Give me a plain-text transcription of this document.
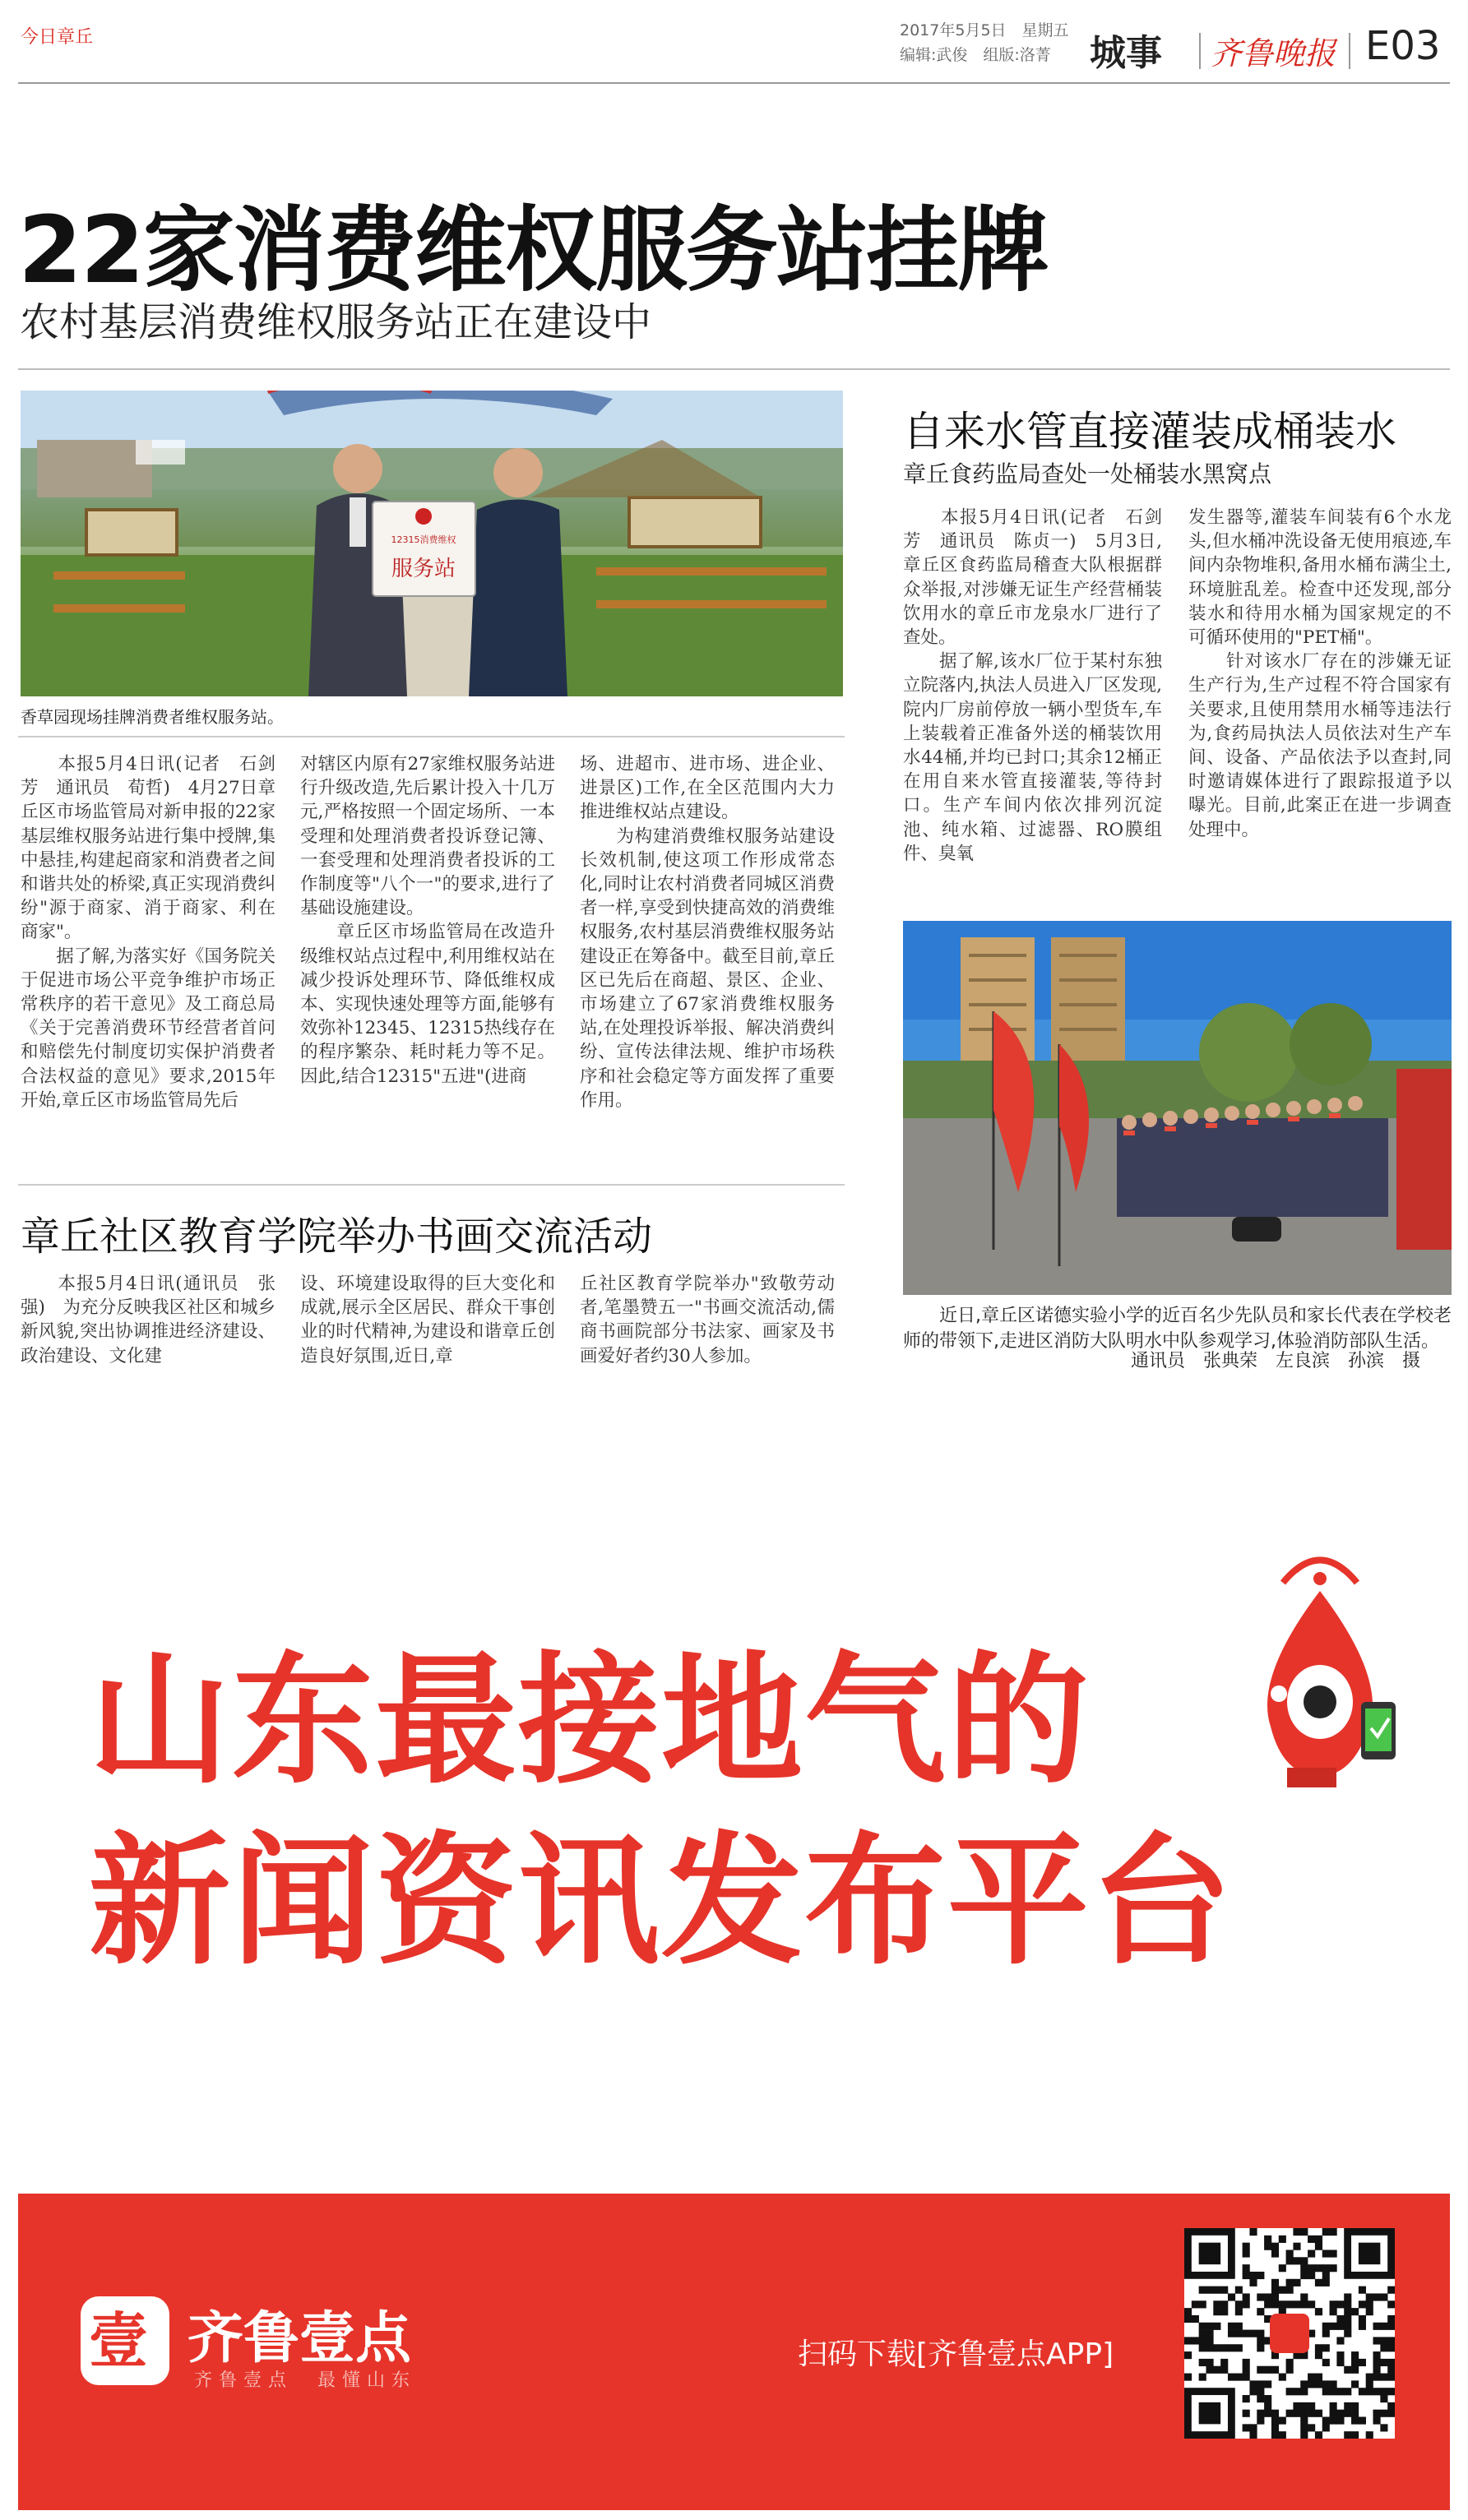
今日章丘	2017年5月5日　星期五
编辑:武俊　组版:洛菁 城事 齐鲁晚报 E03
22家消费维权服务站挂牌
农村基层消费维权服务站正在建设中
12315消费维权
服务站
香草园现场挂牌消费者维权服务站。
　　本报5月4日讯(记者　石剑芳　通讯员　荀哲)　4月27日章丘区市场监管局对新申报的22家基层维权服务站进行集中授牌,集中悬挂,构建起商家和消费者之间和谐共处的桥梁,真正实现消费纠纷"源于商家、消于商家、利在商家"。
　　据了解,为落实好《国务院关于促进市场公平竞争维护市场正常秩序的若干意见》及工商总局《关于完善消费环节经营者首问和赔偿先付制度切实保护消费者合法权益的意见》要求,2015年开始,章丘区市场监管局先后
对辖区内原有27家维权服务站进行升级改造,先后累计投入十几万元,严格按照一个固定场所、一本受理和处理消费者投诉登记簿、一套受理和处理消费者投诉的工作制度等"八个一"的要求,进行了基础设施建设。
　　章丘区市场监管局在改造升级维权站点过程中,利用维权站在减少投诉处理环节、降低维权成本、实现快速处理等方面,能够有效弥补12345、12315热线存在的程序繁杂、耗时耗力等不足。因此,结合12315"五进"(进商
场、进超市、进市场、进企业、进景区)工作,在全区范围内大力推进维权站点建设。
　　为构建消费维权服务站建设长效机制,使这项工作形成常态化,同时让农村消费者同城区消费者一样,享受到快捷高效的消费维权服务,农村基层消费维权服务站建设正在筹备中。截至目前,章丘区已先后在商超、景区、企业、市场建立了67家消费维权服务站,在处理投诉举报、解决消费纠纷、宣传法律法规、维护市场秩序和社会稳定等方面发挥了重要作用。
自来水管直接灌装成桶装水
章丘食药监局查处一处桶装水黑窝点
　　本报5月4日讯(记者　石剑芳　通讯员　陈贞一)　5月3日,章丘区食药监局稽查大队根据群众举报,对涉嫌无证生产经营桶装饮用水的章丘市龙泉水厂进行了查处。
　　据了解,该水厂位于某村东独立院落内,执法人员进入厂区发现,院内厂房前停放一辆小型货车,车上装载着正准备外送的桶装饮用水44桶,并均已封口;其余12桶正在用自来水管直接灌装,等待封口。生产车间内依次排列沉淀池、纯水箱、过滤器、RO膜组件、臭氧
发生器等,灌装车间装有6个水龙头,但水桶冲洗设备无使用痕迹,车间内杂物堆积,备用水桶布满尘土,环境脏乱差。检查中还发现,部分装水和待用水桶为国家规定的不可循环使用的"PET桶"。
　　针对该水厂存在的涉嫌无证生产行为,生产过程不符合国家有关要求,且使用禁用水桶等违法行为,食药局执法人员依法对生产车间、设备、产品依法予以查封,同时邀请媒体进行了跟踪报道予以曝光。目前,此案正在进一步调查处理中。
　　近日,章丘区诺德实验小学的近百名少先队员和家长代表在学校老师的带领下,走进区消防大队明水中队参观学习,体验消防部队生活。
通讯员　张典荣　左良滨　孙滨　摄
章丘社区教育学院举办书画交流活动
　　本报5月4日讯(通讯员　张强)　为充分反映我区社区和城乡新风貌,突出协调推进经济建设、政治建设、文化建
设、环境建设取得的巨大变化和成就,展示全区居民、群众干事创业的时代精神,为建设和谐章丘创造良好氛围,近日,章
丘社区教育学院举办"致敬劳动者,笔墨赞五一"书画交流活动,儒商书画院部分书法家、画家及书画爱好者约30人参加。
山东最接地气的
新闻资讯发布平台
壹 齐鲁壹点
齐鲁壹点　最懂山东
扫码下载[齐鲁壹点APP]
